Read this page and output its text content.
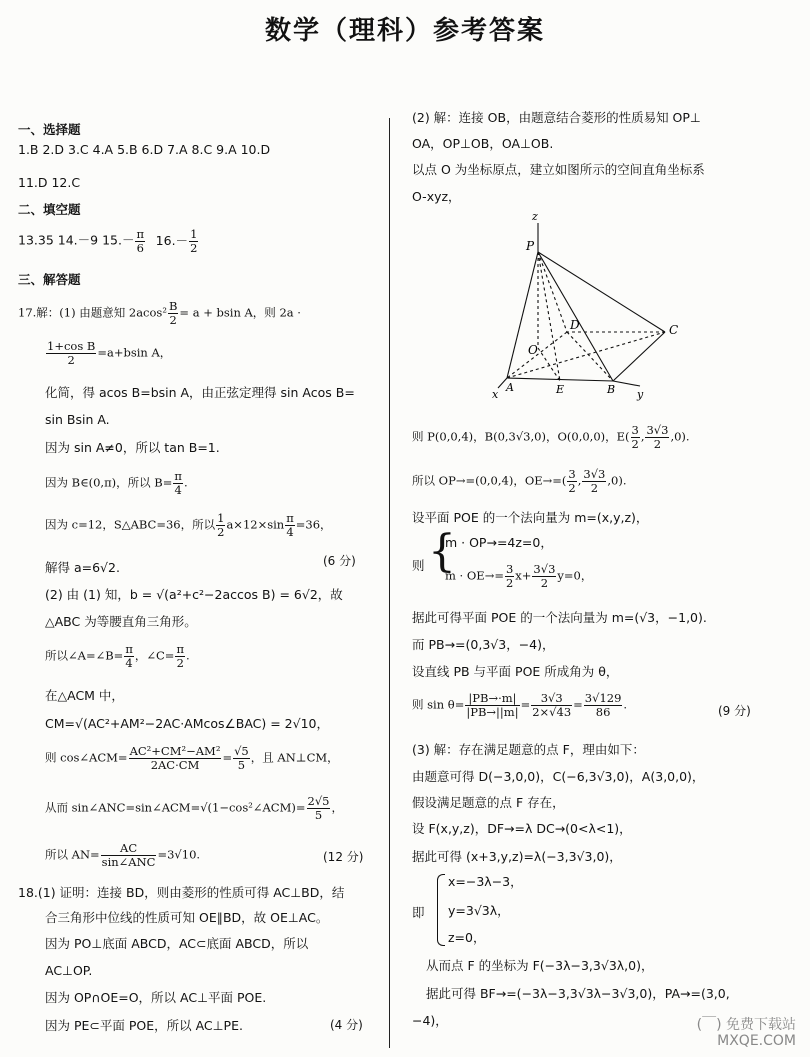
数学（理科）参考答案
一、选择题
1.B 2.D 3.C 4.A 5.B 6.D 7.A 8.C 9.A 10.D
11.D 12.C
二、填空题
13.35 14.－9 $15.- \frac{\pi}{6} 16.- \frac{1}{2}$
三、解答题
17.解：(1) 由题意知 $2acos^2 \frac{B}{2} = a + bsin$ A，则 2a ·
$\frac{\text{1+cos B}}{2} =a+bsin$ A，
化简，得 acos B=bsin A，由正弦定理得 sin Acos B=
sin Bsin A.
因为 sin A≠0，所以 tan B=1.
因为 B∈(0,π)，所以 $B= \frac{\pi}{4}$ .
因为 c=12，S△ABC=36，所以 $\frac{1}{2} a\times 12\times\sin \frac{\pi}{4} =36$，
解得 a=6√2.	(6 分)
(2) 由 (1) 知，b = √(a²+c²−2accos B) = 6√2，故
△ABC 为等腰直角三角形。
所以∠A=∠B= $\frac{\pi}{4}$ ，∠C= $\frac{\pi}{2}$ .
在△ACM 中，
CM=√(AC²+AM²−2AC·AMcos∠BAC) = 2√10，
则 cos∠ACM= $\frac{\text{AC²+CM²−AM²}}{2AC\cdot CM} = \frac{√5}{5}$ ，且 AN⊥CM，
从而 sin∠ANC=sin∠ACM=√(1−cos²∠ACM)= $\frac{2√5}{5}$ ，
所以 AN=	AC
sin∠ANC
=3√10.	(12 分)
18.(1) 证明：连接 BD，则由菱形的性质可得 AC⊥BD，结
合三角形中位线的性质可知 OE∥BD，故 OE⊥AC。
因为 PO⊥底面 ABCD，AC⊂底面 ABCD，所以
AC⊥OP.
因为 OP∩OE=O，所以 AC⊥平面 POE.
因为 PE⊂平面 POE，所以 AC⊥PE.	(4 分)
(2) 解：连接 OB，由题意结合菱形的性质易知 OP⊥
OA，OP⊥OB，OA⊥OB.
以点 O 为坐标原点，建立如图所示的空间直角坐标系
O-xyz，
z
P
D	C
O
x
A	E	B y
则 P(0,0,4)，B(0,3√3,0)，O(0,0,0)，$E( \frac{3}{2}$ , $\frac{3√3}{2} ,0$).
所以 OP→=(0,0,4)，$OE\to=( \frac{3}{2}$ , $\frac{3√3}{2} ,0$).
设平面 POE 的一个法向量为 m=(x,y,z)，
则 {
m · OP→=4z=0，
$m \cdot OE\to= \frac{3}{2} x+ \frac{3√3}{2} y=0$，
据此可得平面 POE 的一个法向量为 m=(√3，−1,0).
而 PB→=(0,3√3，−4)，
设直线 PB 与平面 POE 所成角为 θ，
则 $\sin \theta= \frac{|PB\to\cdot m|}{|PB\to||m|} = \frac{3√3}{2\times√43} = \frac{3√129}{86}$ .	(9 分)
(3) 解：存在满足题意的点 F，理由如下：
由题意可得 D(−3,0,0)，C(−6,3√3,0)，A(3,0,0)，
假设满足题意的点 F 存在，
设 F(x,y,z)，DF→=λ DC→(0<λ<1)，
据此可得 (x+3,y,z)=λ(−3,3√3,0)，
即
x=−3λ−3，
y=3√3λ，
z=0，
从而点 F 的坐标为 F(−3λ−3,3√3λ,0)，
据此可得 BF→=(−3λ−3,3√3λ−3√3,0)，PA→=(3,0,
−4)，	(￣) 免费下载站
MXQE.COM
